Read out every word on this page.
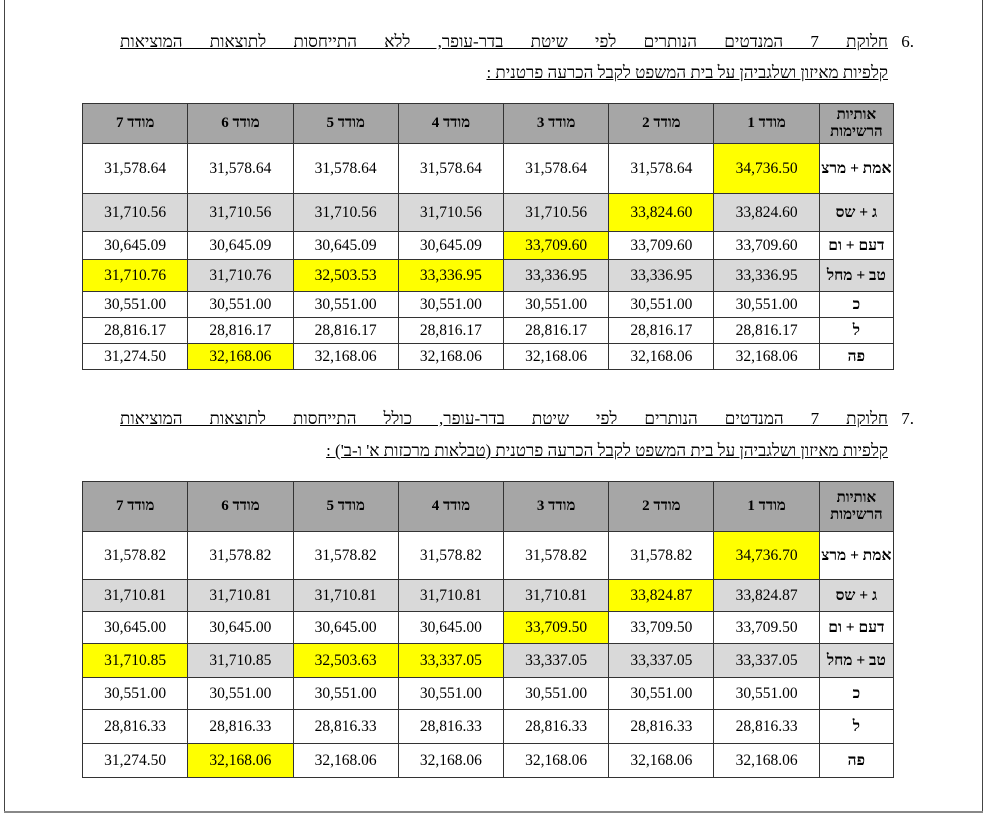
6.
חלוקת 7 המנדטים הנותרים לפי שיטת בדר-עופר, ללא התייחסות לתוצאות המוציאות
קלפיות מאיזון ושלגביהן על בית המשפט לקבל הכרעה פרטנית :
אותיות הרשימות	מודד 1	מודד 2	מודד 3	מודד 4	מודד 5	מודד 6	מודד 7
אמת + מרצ	34,736.50	31,578.64	31,578.64	31,578.64	31,578.64	31,578.64	31,578.64
ג + שס	33,824.60	33,824.60	31,710.56	31,710.56	31,710.56	31,710.56	31,710.56
דעם + ום	33,709.60	33,709.60	33,709.60	30,645.09	30,645.09	30,645.09	30,645.09
טב + מחל	33,336.95	33,336.95	33,336.95	33,336.95	32,503.53	31,710.76	31,710.76
כ	30,551.00	30,551.00	30,551.00	30,551.00	30,551.00	30,551.00	30,551.00
ל	28,816.17	28,816.17	28,816.17	28,816.17	28,816.17	28,816.17	28,816.17
פה	32,168.06	32,168.06	32,168.06	32,168.06	32,168.06	32,168.06	31,274.50
7.
חלוקת 7 המנדטים הנותרים לפי שיטת בדר-עופר, כולל התייחסות לתוצאות המוציאות
קלפיות מאיזון ושלגביהן על בית המשפט לקבל הכרעה פרטנית (טבלאות מרכזות א' ו-ב') :
אותיות הרשימות	מודד 1	מודד 2	מודד 3	מודד 4	מודד 5	מודד 6	מודד 7
אמת + מרצ	34,736.70	31,578.82	31,578.82	31,578.82	31,578.82	31,578.82	31,578.82
ג + שס	33,824.87	33,824.87	31,710.81	31,710.81	31,710.81	31,710.81	31,710.81
דעם + ום	33,709.50	33,709.50	33,709.50	30,645.00	30,645.00	30,645.00	30,645.00
טב + מחל	33,337.05	33,337.05	33,337.05	33,337.05	32,503.63	31,710.85	31,710.85
כ	30,551.00	30,551.00	30,551.00	30,551.00	30,551.00	30,551.00	30,551.00
ל	28,816.33	28,816.33	28,816.33	28,816.33	28,816.33	28,816.33	28,816.33
פה	32,168.06	32,168.06	32,168.06	32,168.06	32,168.06	32,168.06	31,274.50
